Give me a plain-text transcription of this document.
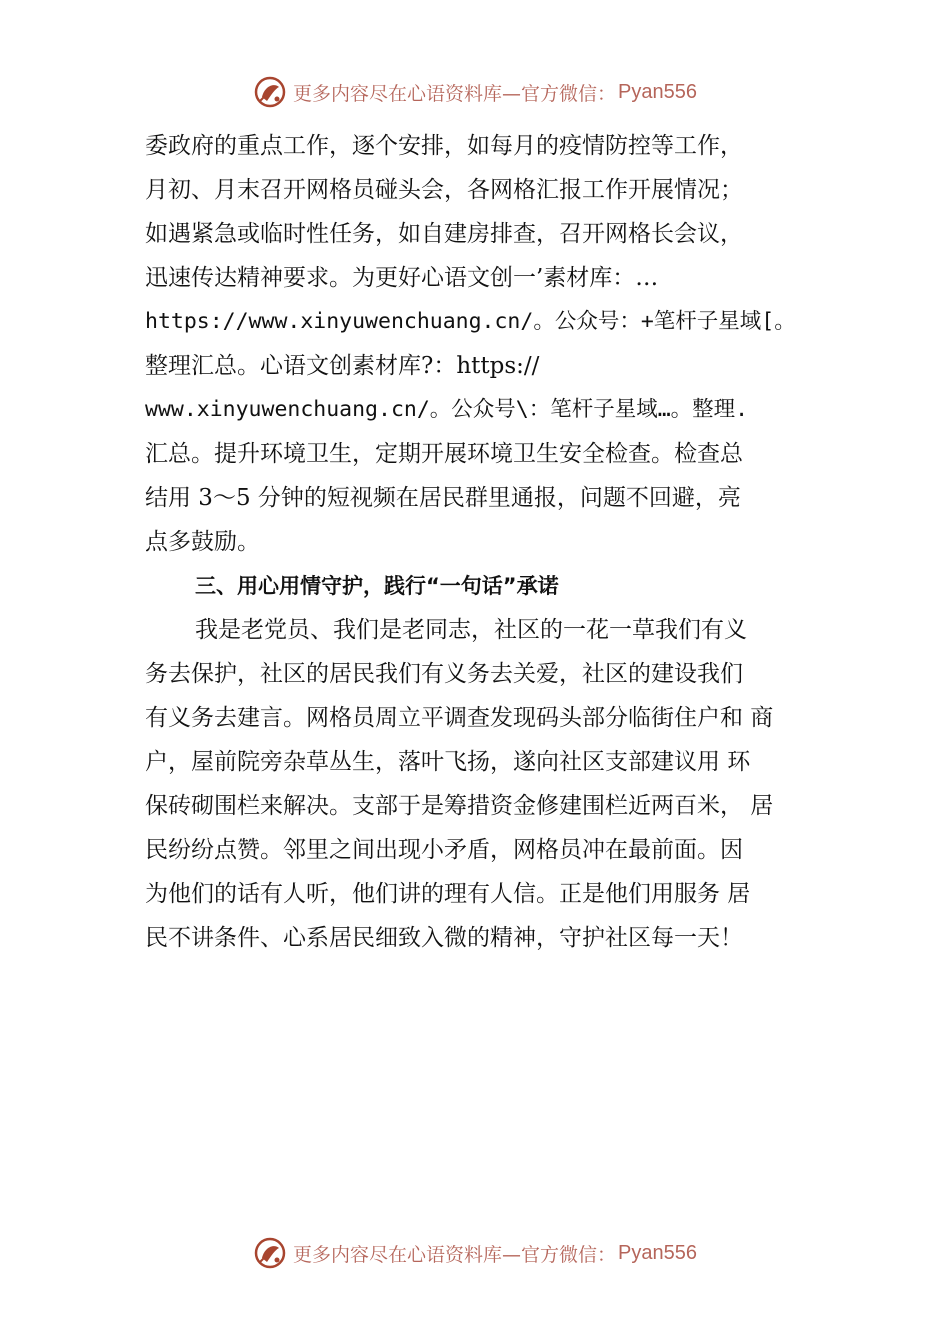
更多内容尽在心语资料库—官方微信： Pyan556
委政府的重点工作，逐个安排，如每月的疫情防控等工作，
月初、月末召开网格员碰头会，各网格汇报工作开展情况；
如遇紧急或临时性任务，如自建房排查，召开网格长会议，
迅速传达精神要求。为更好心语文创一’素材库：…
https://www.xinyuwenchuang.cn/。公众号：+笔杆子星域[。
整理汇总。心语文创素材库?：https://
www.xinyuwenchuang.cn/。公众号\：笔杆子星域…。整理.
汇总。提升环境卫生，定期开展环境卫生安全检查。检查总
结用 3～5 分钟的短视频在居民群里通报，问题不回避，亮
点多鼓励。
三、用心用情守护，践行“一句话”承诺
我是老党员、我们是老同志，社区的一花一草我们有义
务去保护，社区的居民我们有义务去关爱，社区的建设我们
有义务去建言。网格员周立平调查发现码头部分临街住户和 商
户，屋前院旁杂草丛生，落叶飞扬，遂向社区支部建议用 环
保砖砌围栏来解决。支部于是筹措资金修建围栏近两百米， 居
民纷纷点赞。邻里之间出现小矛盾，网格员冲在最前面。因
为他们的话有人听，他们讲的理有人信。正是他们用服务 居
民不讲条件、心系居民细致入微的精神，守护社区每一天！
更多内容尽在心语资料库—官方微信： Pyan556
